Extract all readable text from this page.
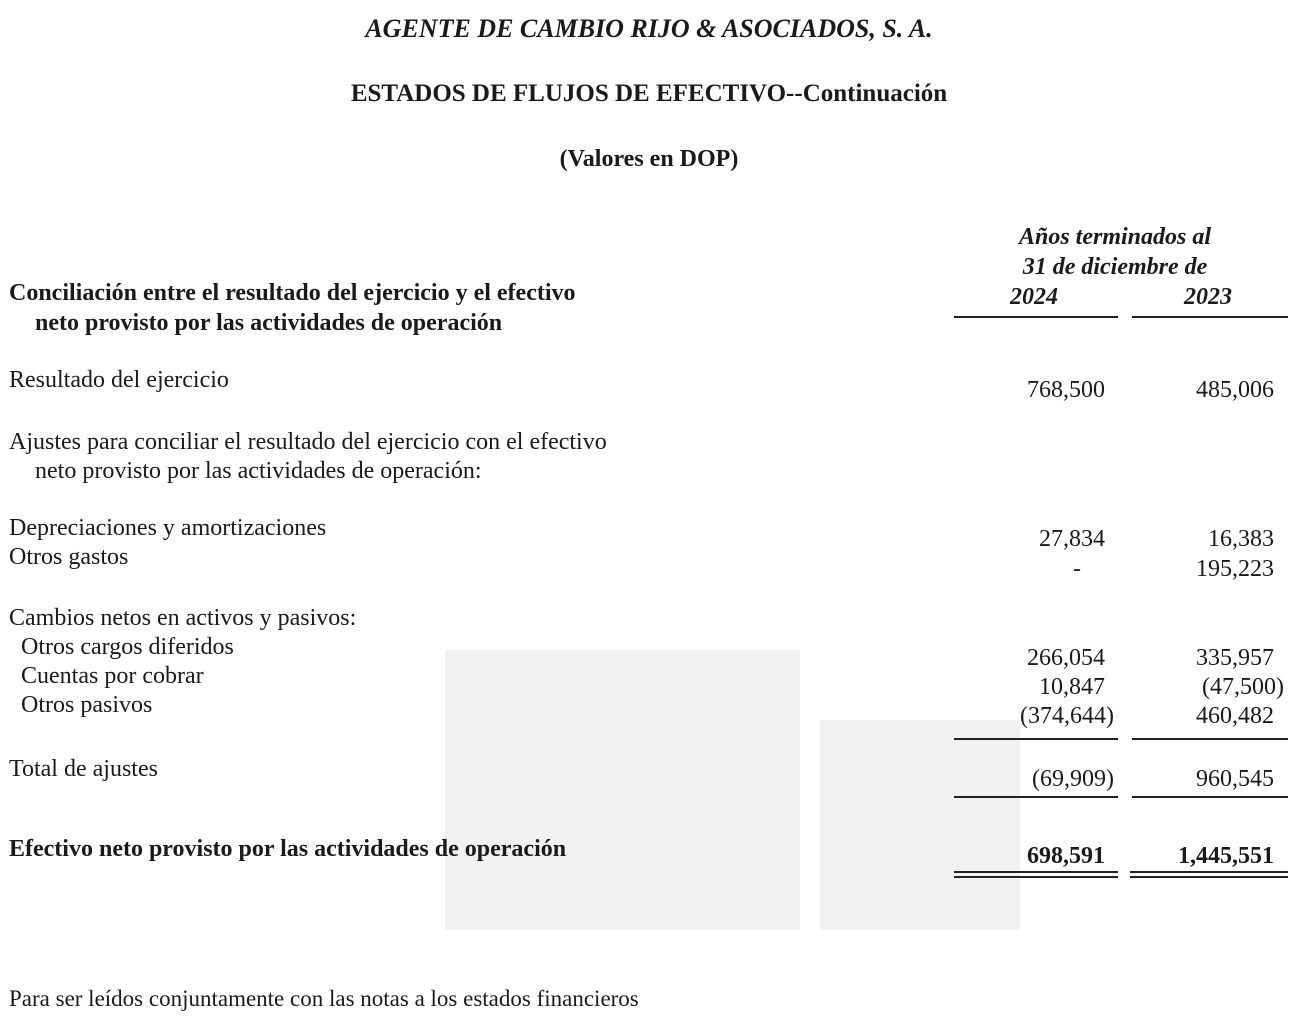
AGENTE DE CAMBIO RIJO & ASOCIADOS, S. A.
ESTADOS DE FLUJOS DE EFECTIVO--Continuación
(Valores en DOP)
Años terminados al
31 de diciembre de
2024	2023
Conciliación entre el resultado del ejercicio y el efectivo
neto provisto por las actividades de operación
Resultado del ejercicio	768,500	485,006
Ajustes para conciliar el resultado del ejercicio con el efectivo
neto provisto por las actividades de operación:
Depreciaciones y amortizaciones	27,834	16,383
Otros gastos	-	195,223
Cambios netos en activos y pasivos:
Otros cargos diferidos	266,054	335,957
Cuentas por cobrar	10,847	(47,500)
Otros pasivos	(374,644)	460,482
Total de ajustes	(69,909)	960,545
Efectivo neto provisto por las actividades de operación	698,591	1,445,551
Para ser leídos conjuntamente con las notas a los estados financieros
